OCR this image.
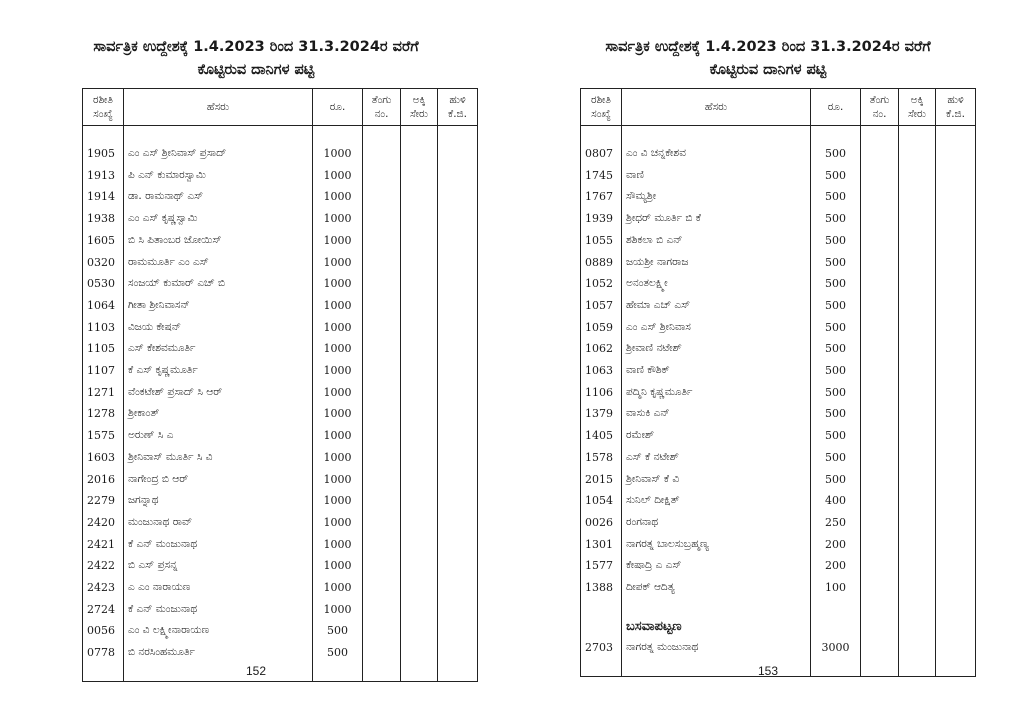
ಸಾರ್ವತ್ರಿಕ ಉದ್ದೇಶಕ್ಕೆ 1.4.2023 ರಿಂದ 31.3.2024ರ ವರೆಗೆ
ಕೊಟ್ಟಿರುವ ದಾನಿಗಳ ಪಟ್ಟಿ
ರಶೀತಿ ಸಂಖ್ಯೆ	ಹೆಸರು	ರೂ.	ತೆಂಗು ನಂ.	ಅಕ್ಕಿ ಸೇರು	ಹುಳಿ ಕೆ.ಜಿ.

1905	ಎಂ ಎಸ್ ಶ್ರೀನಿವಾಸ್ ಪ್ರಸಾದ್	1000			
1913	ಪಿ ಎನ್ ಕುಮಾರಸ್ವಾಮಿ	1000			
1914	ಡಾ. ರಾಮನಾಥ್ ಎಸ್	1000			
1938	ಎಂ ಎಸ್ ಕೃಷ್ಣಸ್ವಾಮಿ	1000			
1605	ಬಿ ಸಿ ಪಿತಾಂಬರ ಜೋಯಿಸ್	1000			
0320	ರಾಮಮೂರ್ತಿ ಎಂ ಎಸ್	1000			
0530	ಸಂಜಯ್ ಕುಮಾರ್ ಎಚ್ ಬಿ	1000			
1064	ಗೀತಾ ಶ್ರೀನಿವಾಸನ್	1000			
1103	ವಿಜಯ ಕೇಷನ್	1000			
1105	ಎಸ್ ಕೇಶವಮೂರ್ತಿ	1000			
1107	ಕೆ ಎಸ್ ಕೃಷ್ಣಮೂರ್ತಿ	1000			
1271	ವೆಂಕಟೇಶ್ ಪ್ರಸಾದ್ ಸಿ ಆರ್	1000			
1278	ಶ್ರೀಕಾಂತ್	1000			
1575	ಅರುಣ್ ಸಿ ಎ	1000			
1603	ಶ್ರೀನಿವಾಸ್ ಮೂರ್ತಿ ಸಿ ವಿ	1000			
2016	ನಾಗೇಂದ್ರ ಬಿ ಆರ್	1000			
2279	ಜಗನ್ನಾಥ	1000			
2420	ಮಂಜುನಾಥ ರಾವ್	1000			
2421	ಕೆ ಎನ್ ಮಂಜುನಾಥ	1000			
2422	ಬಿ ಎಸ್ ಪ್ರಸನ್ನ	1000			
2423	ಎ ಎಂ ನಾರಾಯಣ	1000			
2724	ಕೆ ಎನ್ ಮಂಜುನಾಥ	1000			
0056	ಎಂ ವಿ ಲಕ್ಷ್ಮೀನಾರಾಯಣ	500			
0778	ಬಿ ನರಸಿಂಹಮೂರ್ತಿ	500			

152
ಸಾರ್ವತ್ರಿಕ ಉದ್ದೇಶಕ್ಕೆ 1.4.2023 ರಿಂದ 31.3.2024ರ ವರೆಗೆ
ಕೊಟ್ಟಿರುವ ದಾನಿಗಳ ಪಟ್ಟಿ
ರಶೀತಿ ಸಂಖ್ಯೆ	ಹೆಸರು	ರೂ.	ತೆಂಗು ನಂ.	ಅಕ್ಕಿ ಸೇರು	ಹುಳಿ ಕೆ.ಜಿ.

0807	ಎಂ ವಿ ಚನ್ನಕೇಶವ	500			
1745	ವಾಣಿ	500			
1767	ಸೌಮ್ಯಶ್ರೀ	500			
1939	ಶ್ರೀಧರ್ ಮೂರ್ತಿ ಬಿ ಕೆ	500			
1055	ಶಶಿಕಲಾ ಬಿ ಎನ್	500			
0889	ಜಯಶ್ರೀ ನಾಗರಾಜ	500			
1052	ಅನಂತಲಕ್ಷ್ಮೀ	500			
1057	ಹೇಮಾ ಎಚ್ ಎಸ್	500			
1059	ಎಂ ಎಸ್ ಶ್ರೀನಿವಾಸ	500			
1062	ಶ್ರೀವಾಣಿ ನಟೇಶ್	500			
1063	ವಾಣಿ ಕೌಶಿಕ್	500			
1106	ಪದ್ಮಿನಿ ಕೃಷ್ಣಮೂರ್ತಿ	500			
1379	ವಾಸುಕಿ ಎನ್	500			
1405	ರಮೇಶ್	500			
1578	ಎಸ್ ಕೆ ನಟೇಶ್	500			
2015	ಶ್ರೀನಿವಾಸ್ ಕೆ ವಿ	500			
1054	ಸುನಿಲ್ ದೀಕ್ಷಿತ್	400			
0026	ರಂಗನಾಥ	250			
1301	ನಾಗರತ್ನ ಬಾಲಸುಬ್ರಹ್ಮಣ್ಯ	200			
1577	ಕೇಷಾದ್ರಿ ಎ ಎಸ್	200			
1388	ದೀಪಕ್ ಆದಿತ್ಯ	100			

	ಬಸವಾಪಟ್ಟಣ				
2703	ನಾಗರತ್ನ ಮಂಜುನಾಥ	3000			

153
